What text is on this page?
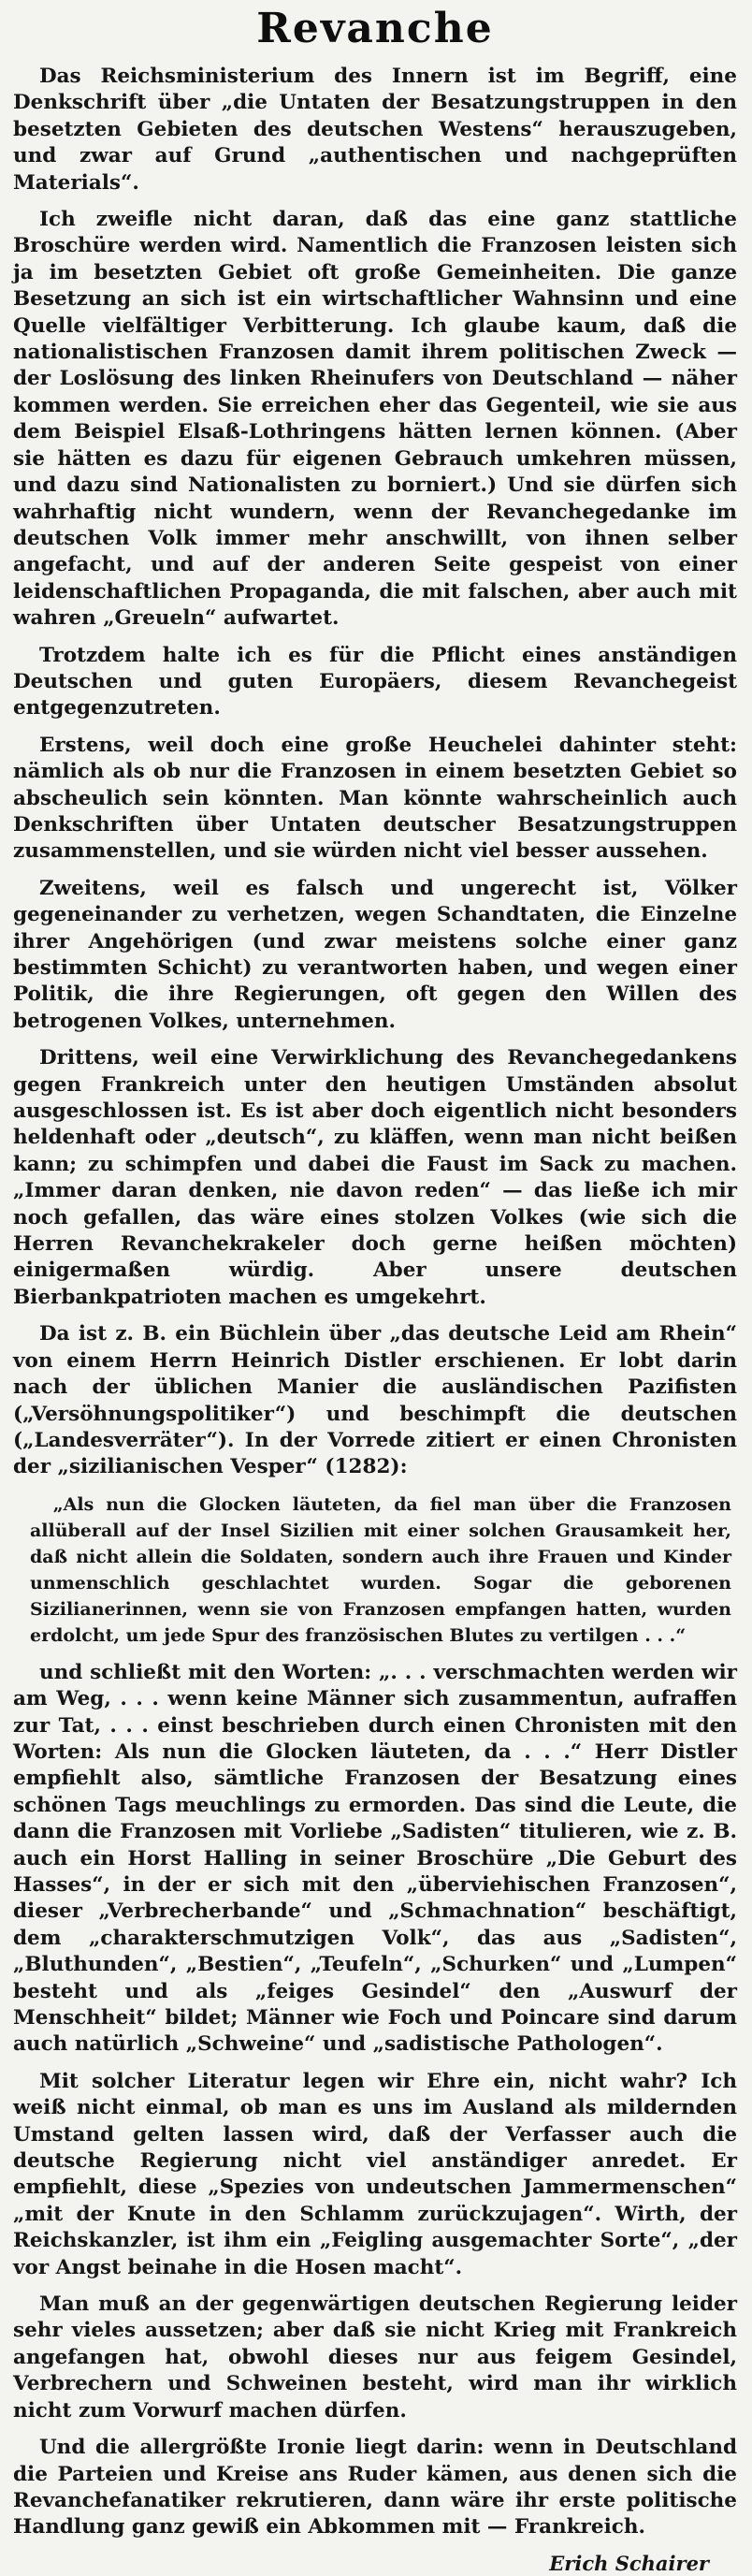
Revanche

Das Reichsministerium des Innern ist im Begriff, eine Denkschrift über „die Untaten der Besatzungstruppen in den besetzten Gebieten des deutschen Westens“ herauszugeben, und zwar auf Grund „authentischen und nachgeprüften Materials“.

Ich zweifle nicht daran, daß das eine ganz stattliche Broschüre werden wird. Namentlich die Franzosen leisten sich ja im besetzten Gebiet oft große Gemeinheiten. Die ganze Besetzung an sich ist ein wirtschaftlicher Wahnsinn und eine Quelle vielfältiger Verbitterung. Ich glaube kaum, daß die nationalistischen Franzosen damit ihrem politischen Zweck — der Loslösung des linken Rheinufers von Deutschland — näher kommen werden. Sie erreichen eher das Gegenteil, wie sie aus dem Beispiel Elsaß-Lothringens hätten lernen können. (Aber sie hätten es dazu für eigenen Gebrauch umkehren müssen, und dazu sind Nationalisten zu borniert.) Und sie dürfen sich wahrhaftig nicht wundern, wenn der Revanchegedanke im deutschen Volk immer mehr anschwillt, von ihnen selber angefacht, und auf der anderen Seite gespeist von einer leidenschaftlichen Propaganda, die mit falschen, aber auch mit wahren „Greueln“ aufwartet.

Trotzdem halte ich es für die Pflicht eines anständigen Deutschen und guten Europäers, diesem Revanchegeist entgegenzutreten.

Erstens, weil doch eine große Heuchelei dahinter steht: nämlich als ob nur die Franzosen in einem besetzten Gebiet so abscheulich sein könnten. Man könnte wahrscheinlich auch Denkschriften über Untaten deutscher Besatzungstruppen zusammenstellen, und sie würden nicht viel besser aussehen.

Zweitens, weil es falsch und ungerecht ist, Völker gegeneinander zu verhetzen, wegen Schandtaten, die Einzelne ihrer Angehörigen (und zwar meistens solche einer ganz bestimmten Schicht) zu verantworten haben, und wegen einer Politik, die ihre Regierungen, oft gegen den Willen des betrogenen Volkes, unternehmen.

Drittens, weil eine Verwirklichung des Revanchegedankens gegen Frankreich unter den heutigen Umständen absolut ausgeschlossen ist. Es ist aber doch eigentlich nicht besonders heldenhaft oder „deutsch“, zu kläffen, wenn man nicht beißen kann; zu schimpfen und dabei die Faust im Sack zu machen. „Immer daran denken, nie davon reden“ — das ließe ich mir noch gefallen, das wäre eines stolzen Volkes (wie sich die Herren Revanchekrakeler doch gerne heißen möchten) einigermaßen würdig. Aber unsere deutschen Bierbankpatrioten machen es umgekehrt.

Da ist z. B. ein Büchlein über „das deutsche Leid am Rhein“ von einem Herrn Heinrich Distler erschienen. Er lobt darin nach der üblichen Manier die ausländischen Pazifisten („Versöhnungspolitiker“) und beschimpft die deutschen („Landesverräter“). In der Vorrede zitiert er einen Chronisten der „sizilianischen Vesper“ (1282):

„Als nun die Glocken läuteten, da fiel man über die Franzosen allüberall auf der Insel Sizilien mit einer solchen Grausamkeit her, daß nicht allein die Soldaten, sondern auch ihre Frauen und Kinder unmenschlich geschlachtet wurden. Sogar die geborenen Sizilianerinnen, wenn sie von Franzosen empfangen hatten, wurden erdolcht, um jede Spur des französischen Blutes zu vertilgen . . .“

und schließt mit den Worten: „. . . verschmachten werden wir am Weg, . . . wenn keine Männer sich zusammentun, aufraffen zur Tat, . . . einst beschrieben durch einen Chronisten mit den Worten: Als nun die Glocken läuteten, da . . .“ Herr Distler empfiehlt also, sämtliche Franzosen der Besatzung eines schönen Tags meuchlings zu ermorden. Das sind die Leute, die dann die Franzosen mit Vorliebe „Sadisten“ titulieren, wie z. B. auch ein Horst Halling in seiner Broschüre „Die Geburt des Hasses“, in der er sich mit den „überviehischen Franzosen“, dieser „Verbrecherbande“ und „Schmachnation“ beschäftigt, dem „charakterschmutzigen Volk“, das aus „Sadisten“, „Bluthunden“, „Bestien“, „Teufeln“, „Schurken“ und „Lumpen“ besteht und als „feiges Gesindel“ den „Auswurf der Menschheit“ bildet; Männer wie Foch und Poincare sind darum auch natürlich „Schweine“ und „sadistische Pathologen“.

Mit solcher Literatur legen wir Ehre ein, nicht wahr? Ich weiß nicht einmal, ob man es uns im Ausland als mildernden Umstand gelten lassen wird, daß der Verfasser auch die deutsche Regierung nicht viel anständiger anredet. Er empfiehlt, diese „Spezies von undeutschen Jammermenschen“ „mit der Knute in den Schlamm zurückzujagen“. Wirth, der Reichskanzler, ist ihm ein „Feigling ausgemachter Sorte“, „der vor Angst beinahe in die Hosen macht“.

Man muß an der gegenwärtigen deutschen Regierung leider sehr vieles aussetzen; aber daß sie nicht Krieg mit Frankreich angefangen hat, obwohl dieses nur aus feigem Gesindel, Verbrechern und Schweinen besteht, wird man ihr wirklich nicht zum Vorwurf machen dürfen.

Und die allergrößte Ironie liegt darin: wenn in Deutschland die Parteien und Kreise ans Ruder kämen, aus denen sich die Revanchefanatiker rekrutieren, dann wäre ihr erste politische Handlung ganz gewiß ein Abkommen mit — Frankreich.

Erich Schairer
